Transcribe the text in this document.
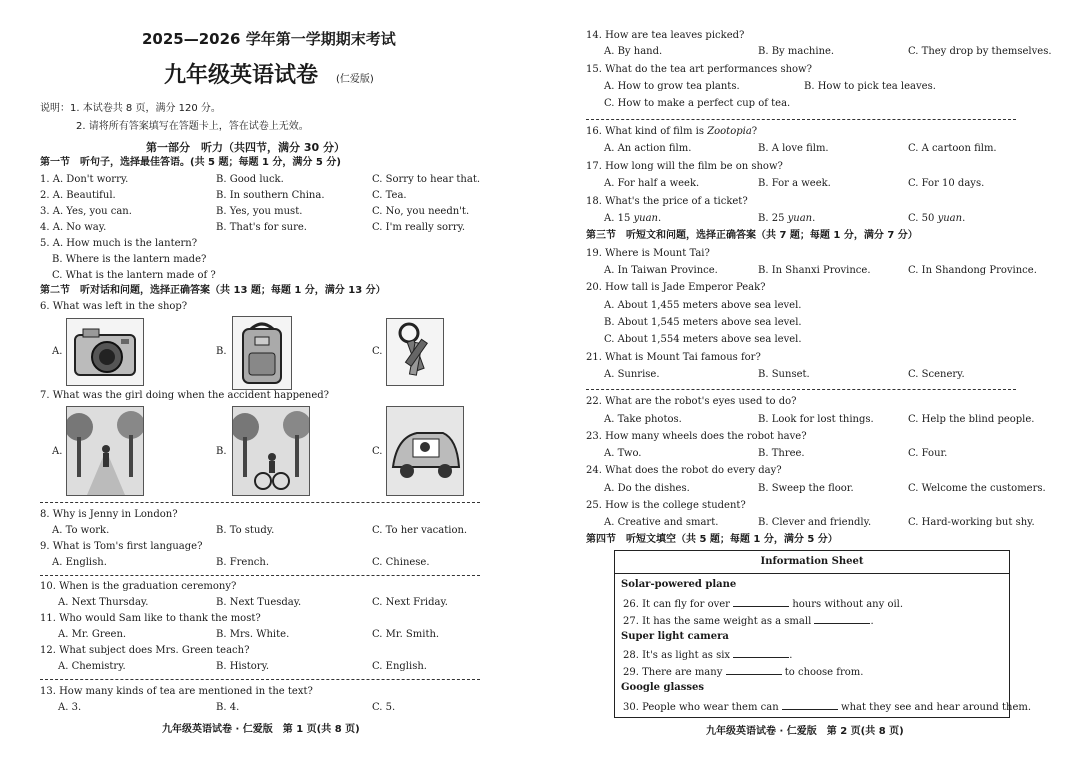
2025—2026 学年第一学期期末考试
九年级英语试卷 (仁爱版)
说明：1. 本试卷共 8 页，满分 120 分。
2. 请将所有答案填写在答题卡上，答在试卷上无效。
第一部分　听力（共四节，满分 30 分）
第一节　听句子，选择最佳答语。(共 5 题；每题 1 分，满分 5 分)
1. A. Don't worry.	B. Good luck.	C. Sorry to hear that.
2. A. Beautiful.	B. In southern China.	C. Tea.
3. A. Yes, you can.	B. Yes, you must.	C. No, you needn't.
4. A. No way.	B. That's for sure.	C. I'm really sorry.
5. A. How much is the lantern?
B. Where is the lantern made?
C. What is the lantern made of ?
第二节　听对话和问题，选择正确答案（共 13 题；每题 1 分，满分 13 分）
6. What was left in the shop?
A.	B.	C.
7. What was the girl doing when the accident happened?
A.	B.	C.
8. Why is Jenny in London?
A. To work.	B. To study.	C. To her vacation.
9. What is Tom's first language?
A. English.	B. French.	C. Chinese.
10. When is the graduation ceremony?
A. Next Thursday.	B. Next Tuesday.	C. Next Friday.
11. Who would Sam like to thank the most?
A. Mr. Green.	B. Mrs. White.	C. Mr. Smith.
12. What subject does Mrs. Green teach?
A. Chemistry.	B. History.	C. English.
13. How many kinds of tea are mentioned in the text?
A. 3.	B. 4.	C. 5.
九年级英语试卷 · 仁爱版　第 1 页(共 8 页)
14. How are tea leaves picked?
A. By hand.	B. By machine.	C. They drop by themselves.
15. What do the tea art performances show?
A. How to grow tea plants.	B. How to pick tea leaves.
C. How to make a perfect cup of tea.
16. What kind of film is Zootopia?
A. An action film.	B. A love film.	C. A cartoon film.
17. How long will the film be on show?
A. For half a week.	B. For a week.	C. For 10 days.
18. What's the price of a ticket?
A. 15 yuan.	B. 25 yuan.	C. 50 yuan.
第三节　听短文和问题，选择正确答案（共 7 题；每题 1 分，满分 7 分）
19. Where is Mount Tai?
A. In Taiwan Province.	B. In Shanxi Province.	C. In Shandong Province.
20. How tall is Jade Emperor Peak?
A. About 1,455 meters above sea level.
B. About 1,545 meters above sea level.
C. About 1,554 meters above sea level.
21. What is Mount Tai famous for?
A. Sunrise.	B. Sunset.	C. Scenery.
22. What are the robot's eyes used to do?
A. Take photos.	B. Look for lost things.	C. Help the blind people.
23. How many wheels does the robot have?
A. Two.	B. Three.	C. Four.
24. What does the robot do every day?
A. Do the dishes.	B. Sweep the floor.	C. Welcome the customers.
25. How is the college student?
A. Creative and smart.	B. Clever and friendly.	C. Hard-working but shy.
第四节　听短文填空（共 5 题；每题 1 分，满分 5 分）
Information Sheet
Solar-powered plane
26. It can fly for over	hours without any oil.
27. It has the same weight as a small	.
Super light camera
28. It's as light as six	.
29. There are many	to choose from.
Google glasses
30. People who wear them can	what they see and hear around them.
九年级英语试卷 · 仁爱版　第 2 页(共 8 页)
